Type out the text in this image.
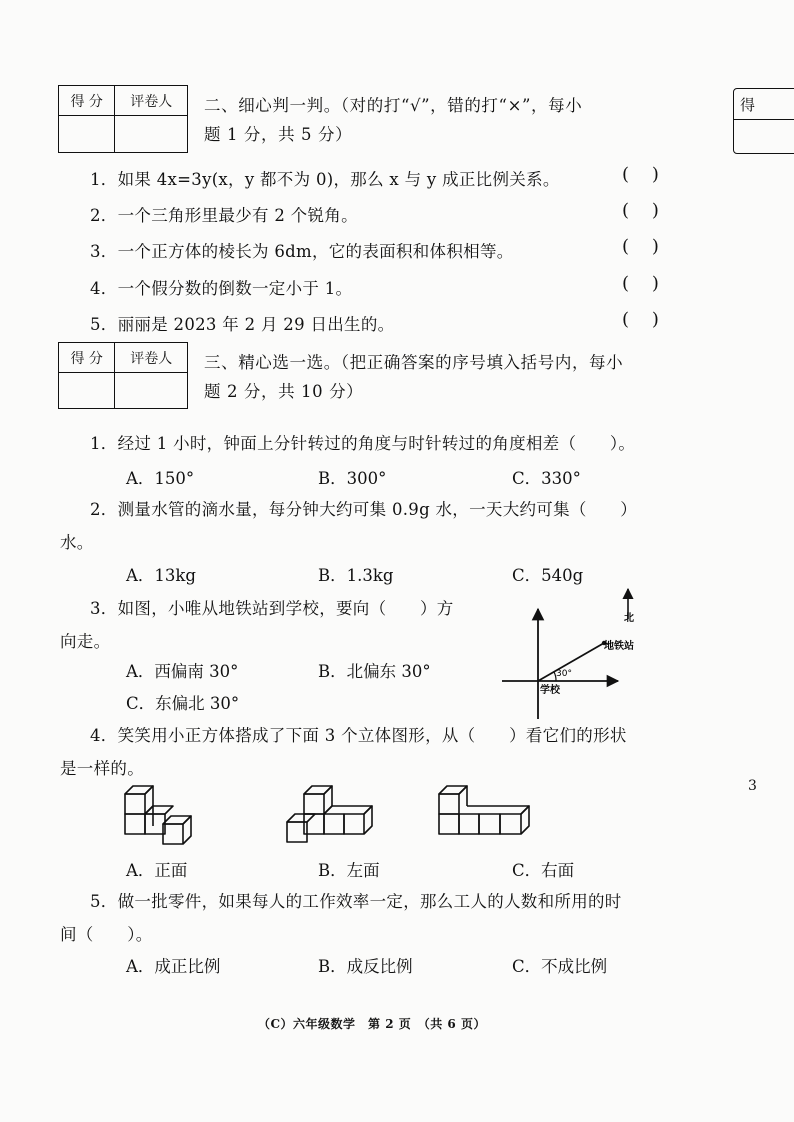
得 分	评卷人
	二、细心判一判。（对的打“√”，错的打“×”，每小
题 1 分，共 5 分）
得
1．如果 4x=3y(x，y 都不为 0)，那么 x 与 y 成正比例关系。	(    )
2．一个三角形里最少有 2 个锐角。	(    )
3．一个正方体的棱长为 6dm，它的表面积和体积相等。	(    )
4．一个假分数的倒数一定小于 1。	(    )
5．丽丽是 2023 年 2 月 29 日出生的。	(    )
得 分	评卷人
	三、精心选一选。（把正确答案的序号填入括号内，每小
题 2 分，共 10 分）
1．经过 1 小时，钟面上分针转过的角度与时针转过的角度相差（　　）。
A．150°	B．300°	C．330°
2．测量水管的滴水量，每分钟大约可集 0.9g 水，一天大约可集（　　）
水。
A．13kg	B．1.3kg	C．540g
3．如图，小唯从地铁站到学校，要向（　　）方
向走。
A．西偏南 30°	B．北偏东 30°
C．东偏北 30°
北
地铁站
30°
学校
4．笑笑用小正方体搭成了下面 3 个立体图形，从（　　）看它们的形状
是一样的。
A．正面	B．左面	C．右面
3
5．做一批零件，如果每人的工作效率一定，那么工人的人数和所用的时
间（　　）。
A．成正比例	B．成反比例	C．不成比例
（C）六年级数学　第 2 页　（共 6 页）
